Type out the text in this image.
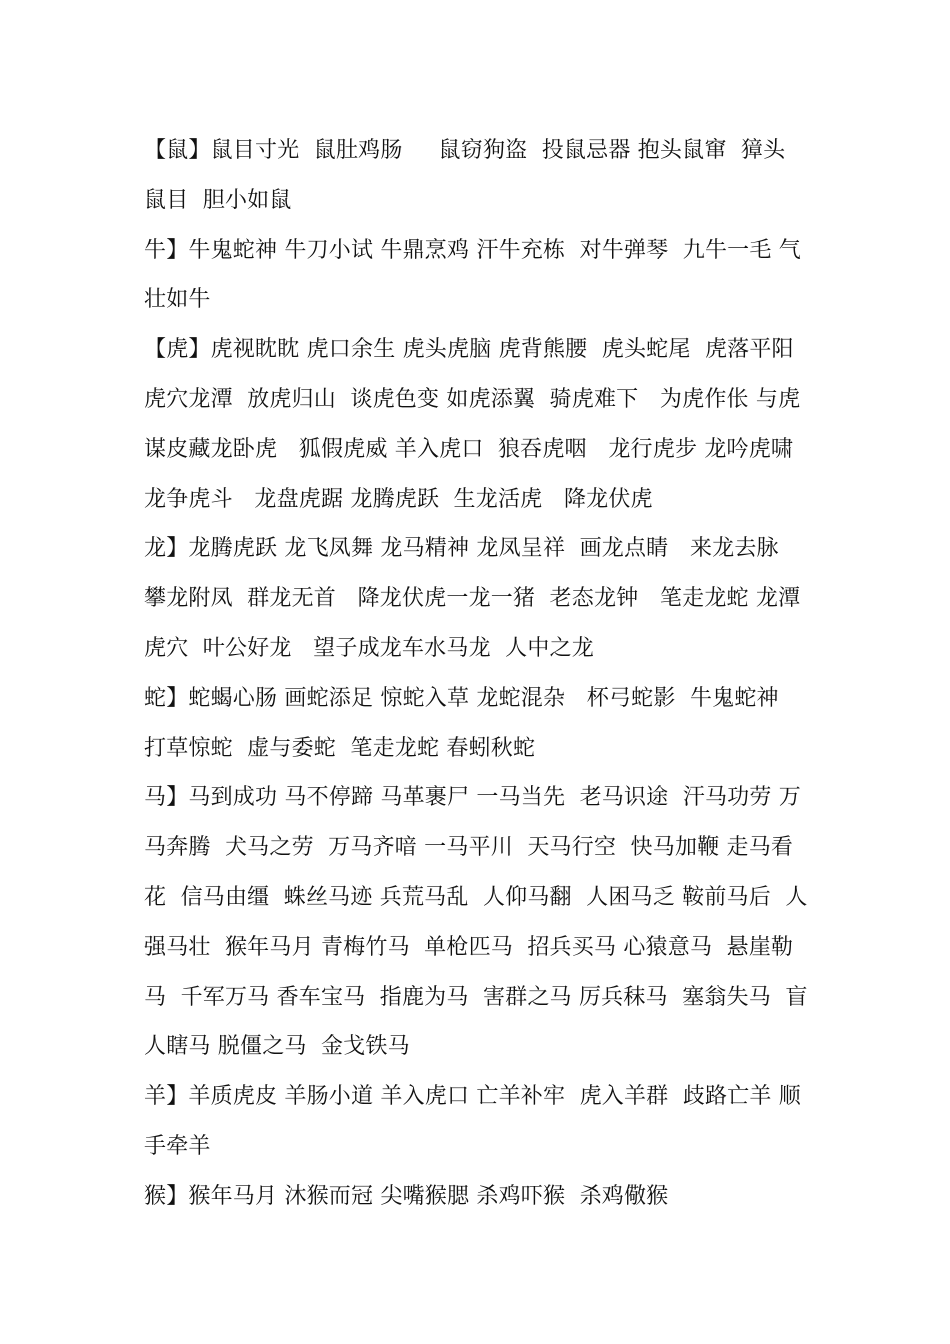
【鼠】鼠目寸光  鼠肚鸡肠     鼠窃狗盗  投鼠忌器 抱头鼠窜  獐头
鼠目  胆小如鼠
牛】牛鬼蛇神 牛刀小试 牛鼎烹鸡 汗牛充栋  对牛弹琴  九牛一毛 气
壮如牛
【虎】虎视眈眈 虎口余生 虎头虎脑 虎背熊腰  虎头蛇尾  虎落平阳
虎穴龙潭  放虎归山  谈虎色变 如虎添翼  骑虎难下   为虎作伥 与虎
谋皮藏龙卧虎   狐假虎威 羊入虎口  狼吞虎咽   龙行虎步 龙吟虎啸
龙争虎斗   龙盘虎踞 龙腾虎跃  生龙活虎   降龙伏虎
龙】龙腾虎跃 龙飞凤舞 龙马精神 龙凤呈祥  画龙点睛   来龙去脉
攀龙附凤  群龙无首   降龙伏虎一龙一猪  老态龙钟   笔走龙蛇 龙潭
虎穴  叶公好龙   望子成龙车水马龙  人中之龙
蛇】蛇蝎心肠 画蛇添足 惊蛇入草 龙蛇混杂   杯弓蛇影  牛鬼蛇神
打草惊蛇  虚与委蛇  笔走龙蛇 春蚓秋蛇
马】马到成功 马不停蹄 马革裹尸 一马当先  老马识途  汗马功劳 万
马奔腾  犬马之劳  万马齐喑 一马平川  天马行空  快马加鞭 走马看
花  信马由缰  蛛丝马迹 兵荒马乱  人仰马翻  人困马乏 鞍前马后  人
强马壮  猴年马月 青梅竹马  单枪匹马  招兵买马 心猿意马  悬崖勒
马  千军万马 香车宝马  指鹿为马  害群之马 厉兵秣马  塞翁失马  盲
人瞎马 脱僵之马  金戈铁马
羊】羊质虎皮 羊肠小道 羊入虎口 亡羊补牢  虎入羊群  歧路亡羊 顺
手牵羊
猴】猴年马月 沐猴而冠 尖嘴猴腮 杀鸡吓猴  杀鸡儆猴
